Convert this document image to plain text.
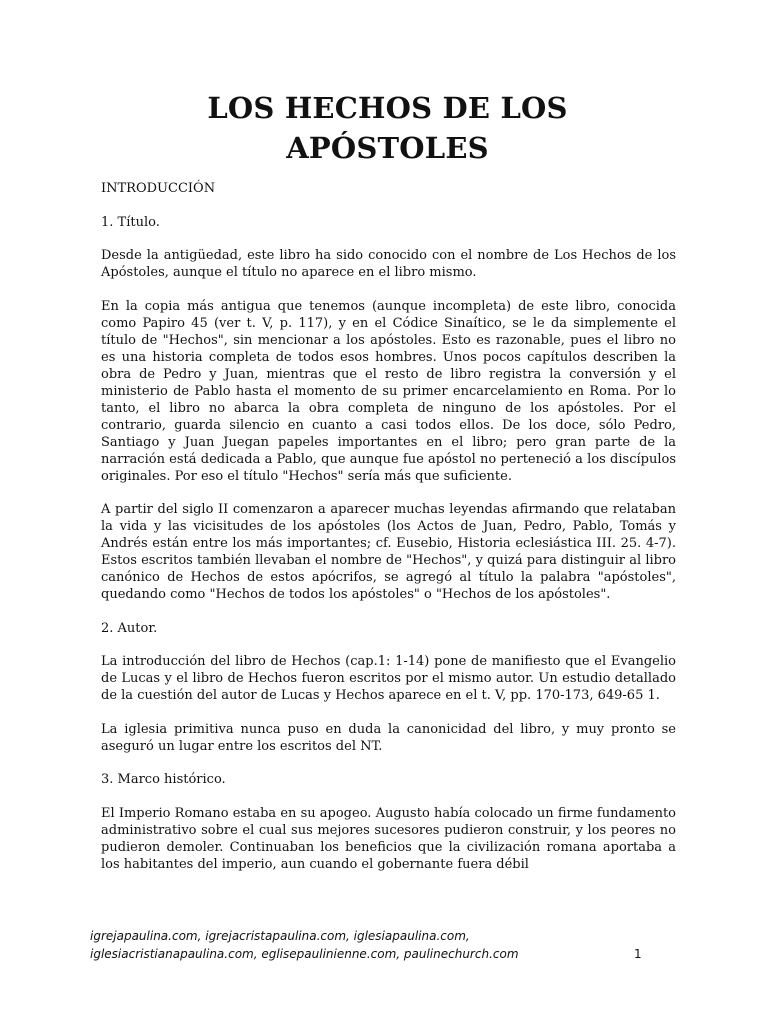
LOS HECHOS DE LOS
APÓSTOLES

INTRODUCCIÓN

1. Título.

Desde la antigüedad, este libro ha sido conocido con el nombre de Los Hechos de los Apóstoles, aunque el título no aparece en el libro mismo.

En la copia más antigua que tenemos (aunque incompleta) de este libro, conocida como Papiro 45 (ver t. V, p. 117), y en el Códice Sinaítico, se le da simplemente el título de "Hechos", sin mencionar a los apóstoles. Esto es razonable, pues el libro no es una historia completa de todos esos hombres. Unos pocos capítulos describen la obra de Pedro y Juan, mientras que el resto de libro registra la conversión y el ministerio de Pablo hasta el momento de su primer encarcelamiento en Roma. Por lo tanto, el libro no abarca la obra completa de ninguno de los apóstoles. Por el contrario, guarda silencio en cuanto a casi todos ellos. De los doce, sólo Pedro, Santiago y Juan Juegan papeles importantes en el libro; pero gran parte de la narración está dedicada a Pablo, que aunque fue apóstol no perteneció a los discípulos originales. Por eso el título "Hechos" sería más que suficiente.

A partir del siglo II comenzaron a aparecer muchas leyendas afirmando que relataban la vida y las vicisitudes de los apóstoles (los Actos de Juan, Pedro, Pablo, Tomás y Andrés están entre los más importantes; cf. Eusebio, Historia eclesiástica III. 25. 4-7). Estos escritos también llevaban el nombre de "Hechos", y quizá para distinguir al libro canónico de Hechos de estos apócrifos, se agregó al título la palabra "apóstoles", quedando como "Hechos de todos los apóstoles" o "Hechos de los apóstoles".

2. Autor.

La introducción del libro de Hechos (cap.1: 1-14) pone de manifiesto que el Evangelio de Lucas y el libro de Hechos fueron escritos por el mismo autor. Un estudio detallado de la cuestión del autor de Lucas y Hechos aparece en el t. V, pp. 170-173, 649-65 1.

La iglesia primitiva nunca puso en duda la canonicidad del libro, y muy pronto se aseguró un lugar entre los escritos del NT.

3. Marco histórico.

El Imperio Romano estaba en su apogeo. Augusto había colocado un firme fundamento administrativo sobre el cual sus mejores sucesores pudieron construir, y los peores no pudieron demoler. Continuaban los beneficios que la civilización romana aportaba a los habitantes del imperio, aun cuando el gobernante fuera débil

igrejapaulina.com, igrejacristapaulina.com, iglesiapaulina.com,
iglesiacristianapaulina.com, eglisepaulinienne.com, paulinechurch.com	1
